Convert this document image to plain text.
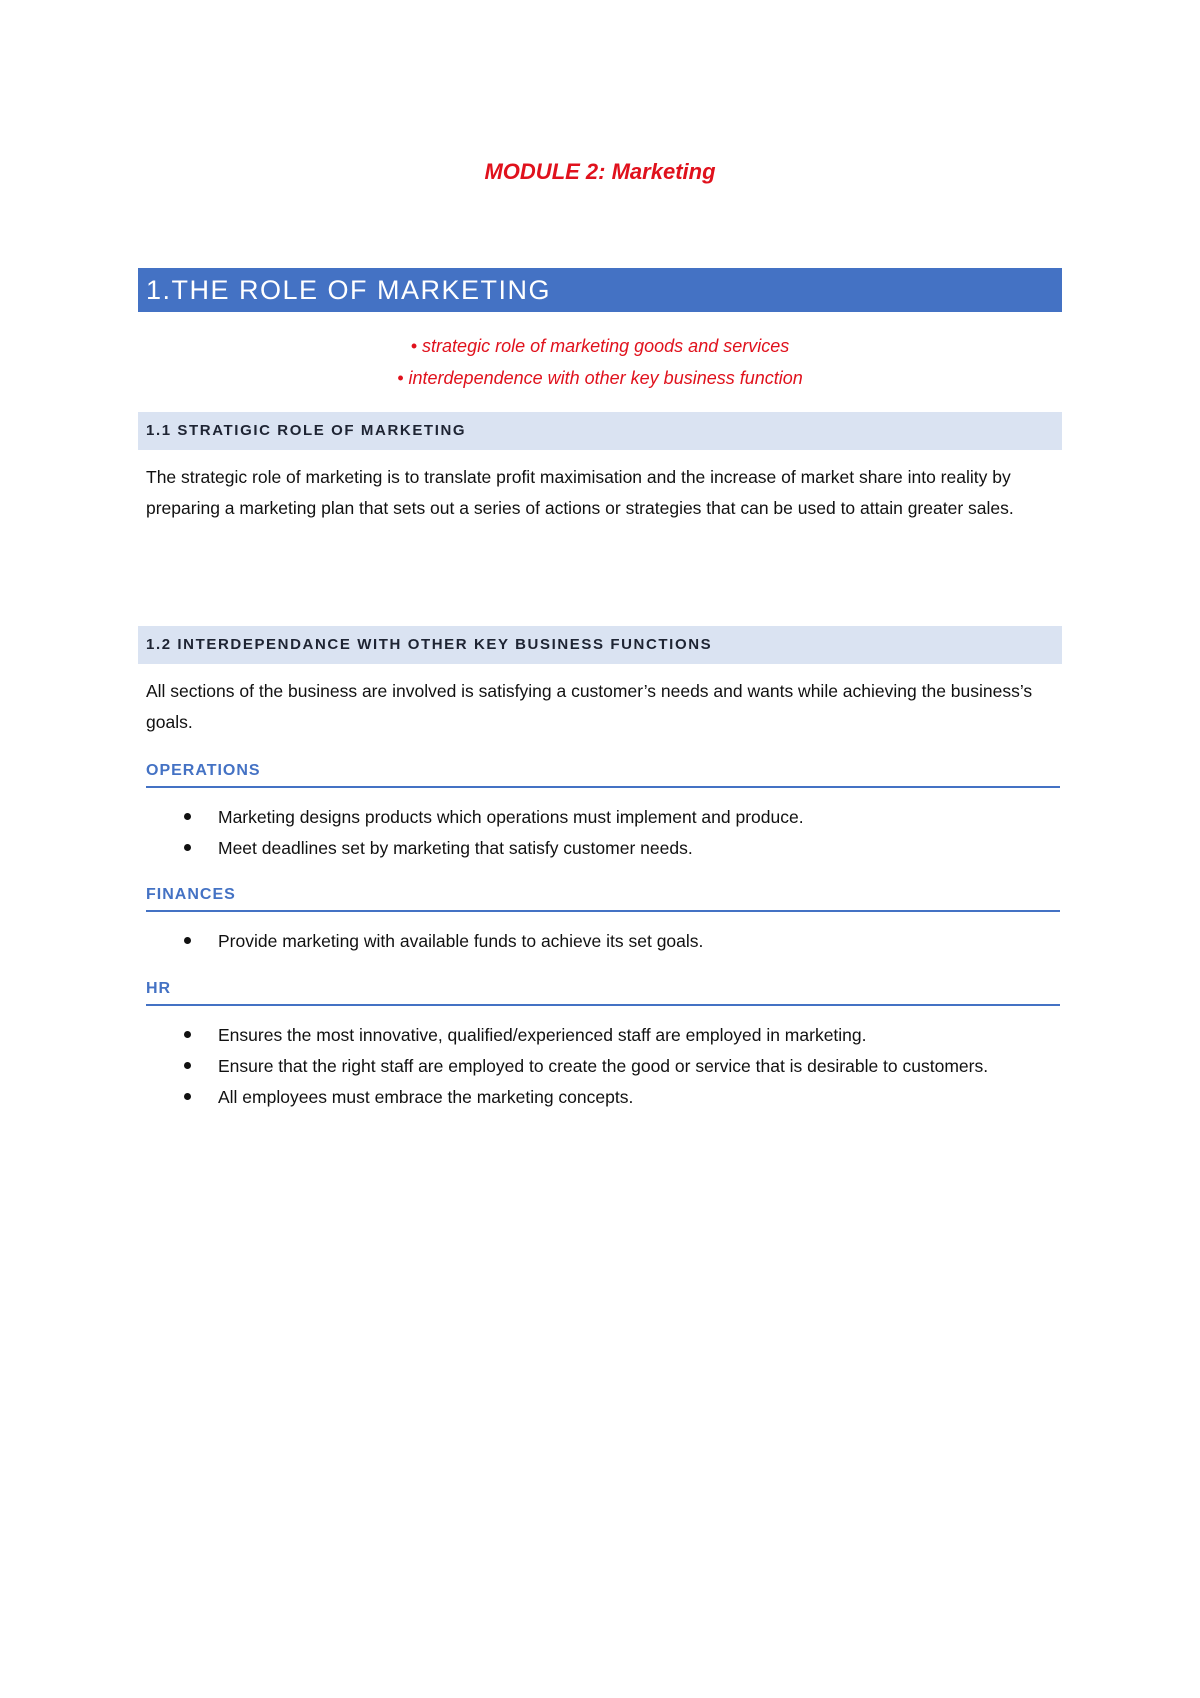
MODULE 2: Marketing
1.THE ROLE OF MARKETING
• strategic role of marketing goods and services
• interdependence with other key business function
1.1 STRATIGIC ROLE OF MARKETING
The strategic role of marketing is to translate profit maximisation and the increase of market share into reality by preparing a marketing plan that sets out a series of actions or strategies that can be used to attain greater sales.
1.2 INTERDEPENDANCE WITH OTHER KEY BUSINESS FUNCTIONS
All sections of the business are involved is satisfying a customer’s needs and wants while achieving the business’s goals.
OPERATIONS
Marketing designs products which operations must implement and produce.
Meet deadlines set by marketing that satisfy customer needs.
FINANCES
Provide marketing with available funds to achieve its set goals.
HR
Ensures the most innovative, qualified/experienced staff are employed in marketing.
Ensure that the right staff are employed to create the good or service that is desirable to customers.
All employees must embrace the marketing concepts.
